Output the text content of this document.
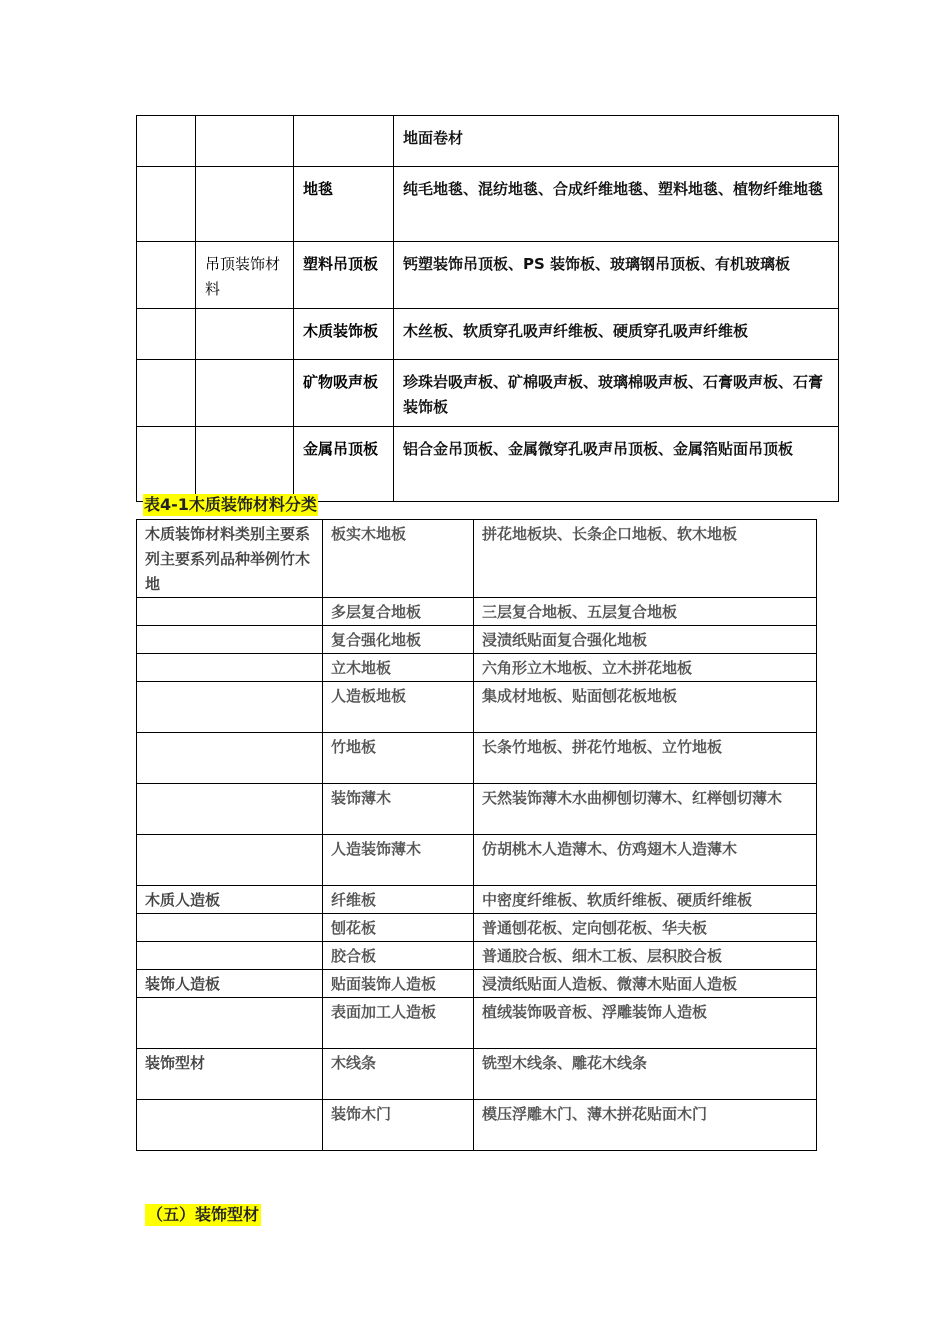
			地面卷材
		地毯	纯毛地毯、混纺地毯、合成纤维地毯、塑料地毯、植物纤维地毯
	吊顶装饰材料	塑料吊顶板	钙塑装饰吊顶板、PS 装饰板、玻璃钢吊顶板、有机玻璃板
		木质装饰板	木丝板、软质穿孔吸声纤维板、硬质穿孔吸声纤维板
		矿物吸声板	珍珠岩吸声板、矿棉吸声板、玻璃棉吸声板、石膏吸声板、石膏装饰板
		金属吊顶板	铝合金吊顶板、金属微穿孔吸声吊顶板、金属箔贴面吊顶板
表4-1木质装饰材料分类
木质装饰材料类别主要系列主要系列品种举例竹木地	板实木地板	拼花地板块、长条企口地板、软木地板
	多层复合地板	三层复合地板、五层复合地板
	复合强化地板	浸渍纸贴面复合强化地板
	立木地板	六角形立木地板、立木拼花地板
	人造板地板	集成材地板、贴面刨花板地板
	竹地板	长条竹地板、拼花竹地板、立竹地板
	装饰薄木	天然装饰薄木水曲柳刨切薄木、红榉刨切薄木
	人造装饰薄木	仿胡桃木人造薄木、仿鸡翅木人造薄木
木质人造板	纤维板	中密度纤维板、软质纤维板、硬质纤维板
	刨花板	普通刨花板、定向刨花板、华夫板
	胶合板	普通胶合板、细木工板、层积胶合板
装饰人造板	贴面装饰人造板	浸渍纸贴面人造板、微薄木贴面人造板
	表面加工人造板	植绒装饰吸音板、浮雕装饰人造板
装饰型材	木线条	铣型木线条、雕花木线条
	装饰木门	模压浮雕木门、薄木拼花贴面木门
（五）装饰型材
